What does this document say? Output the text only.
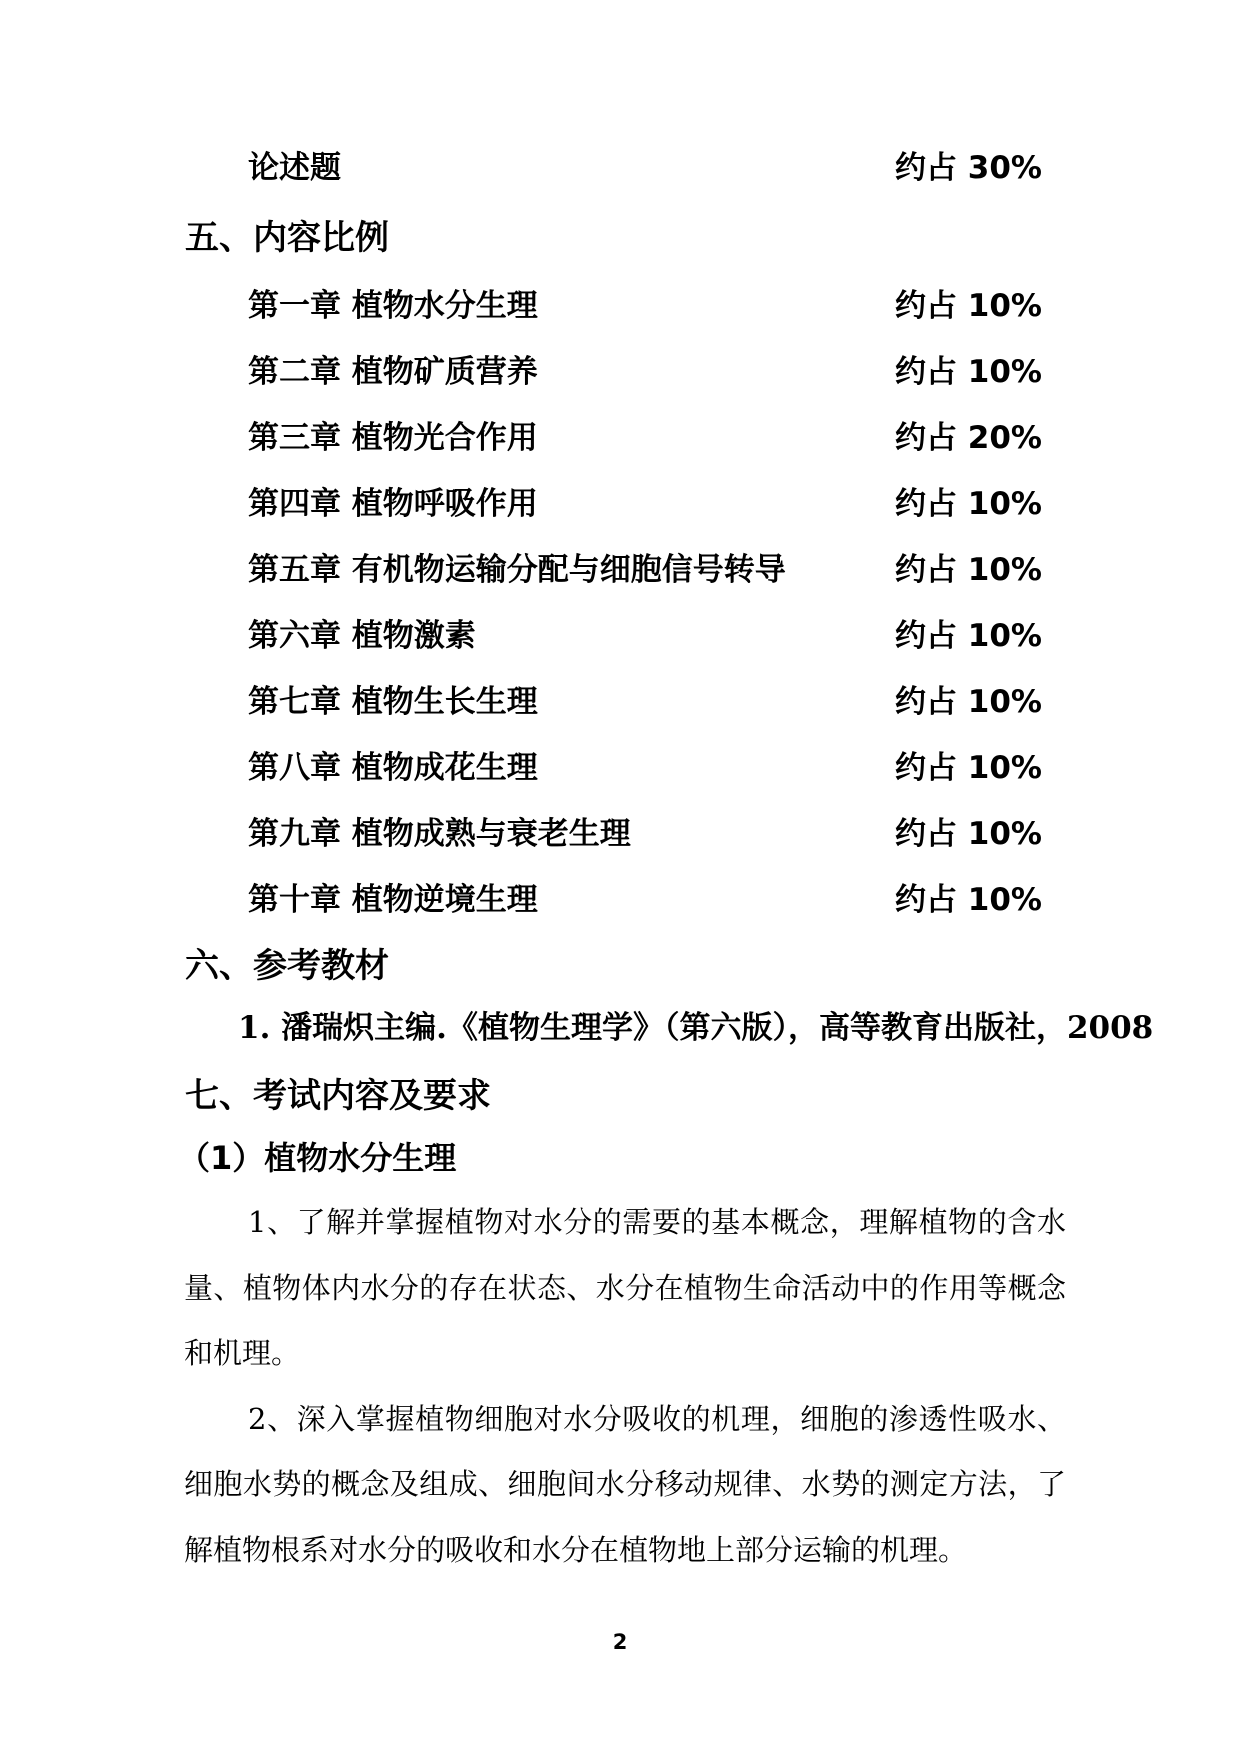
论述题	约占 30%
五、内容比例
第一章 植物水分生理	约占 10%
第二章 植物矿质营养	约占 10%
第三章 植物光合作用	约占 20%
第四章 植物呼吸作用	约占 10%
第五章 有机物运输分配与细胞信号转导	约占 10%
第六章 植物激素	约占 10%
第七章 植物生长生理	约占 10%
第八章 植物成花生理	约占 10%
第九章 植物成熟与衰老生理	约占 10%
第十章 植物逆境生理	约占 10%
六、参考教材
1. 潘瑞炽主编.《植物生理学》（第六版），高等教育出版社，2008
七、考试内容及要求
（1）植物水分生理
1、了解并掌握植物对水分的需要的基本概念，理解植物的含水
量、植物体内水分的存在状态、水分在植物生命活动中的作用等概念
和机理。
2、深入掌握植物细胞对水分吸收的机理，细胞的渗透性吸水、
细胞水势的概念及组成、细胞间水分移动规律、水势的测定方法，了
解植物根系对水分的吸收和水分在植物地上部分运输的机理。
2
